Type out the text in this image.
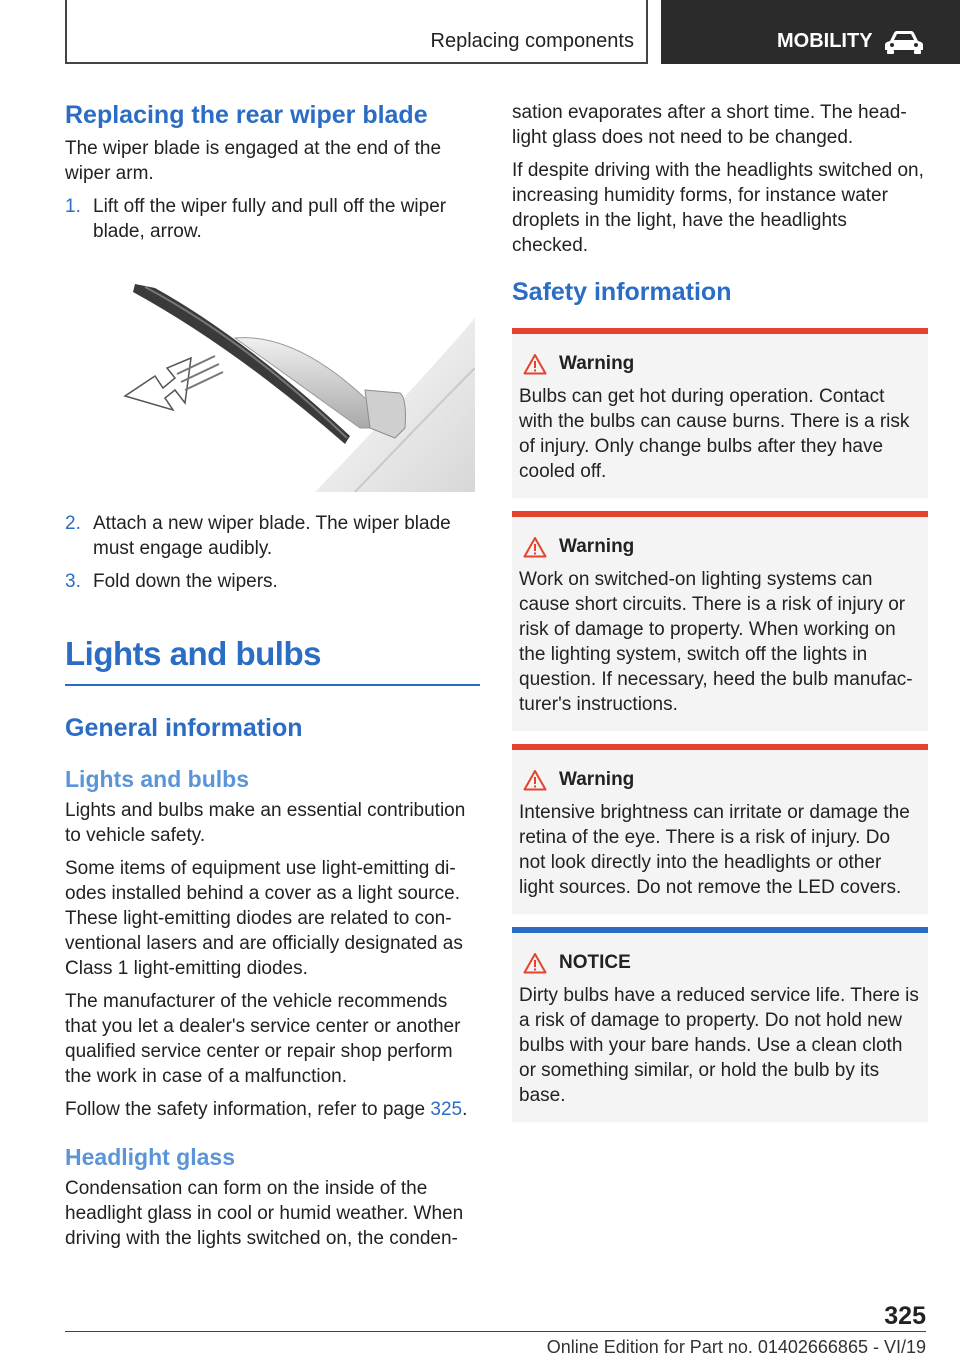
Replacing components	MOBILITY
Replacing the rear wiper blade

The wiper blade is engaged at the end of the wiper arm.

1. Lift off the wiper fully and pull off the wiper blade, arrow.
2. Attach a new wiper blade. The wiper blade must engage audibly.
3. Fold down the wipers.
Lights and bulbs
General information
Lights and bulbs

Lights and bulbs make an essential contribution to vehicle safety.

Some items of equipment use light-emitting di‐odes installed behind a cover as a light source. These light-emitting diodes are related to con‐ventional lasers and are officially designated as Class 1 light-emitting diodes.

The manufacturer of the vehicle recommends that you let a dealer's service center or another qualified service center or repair shop perform the work in case of a malfunction.

Follow the safety information, refer to page 325.

Headlight glass

Condensation can form on the inside of the headlight glass in cool or humid weather. When driving with the lights switched on, the conden‐

sation evaporates after a short time. The head‐light glass does not need to be changed.

If despite driving with the headlights switched on, increasing humidity forms, for instance water droplets in the light, have the headlights checked.

Safety information
Warning

Bulbs can get hot during operation. Contact with the bulbs can cause burns. There is a risk of injury. Only change bulbs after they have cooled off.

Warning

Work on switched-on lighting systems can cause short circuits. There is a risk of injury or risk of damage to property. When working on the lighting system, switch off the lights in question. If necessary, heed the bulb manufac‐turer's instructions.

Warning

Intensive brightness can irritate or damage the retina of the eye. There is a risk of injury. Do not look directly into the headlights or other light sources. Do not remove the LED covers.

NOTICE

Dirty bulbs have a reduced service life. There is a risk of damage to property. Do not hold new bulbs with your bare hands. Use a clean cloth or something similar, or hold the bulb by its base.

325
Online Edition for Part no. 01402666865 - VI/19
